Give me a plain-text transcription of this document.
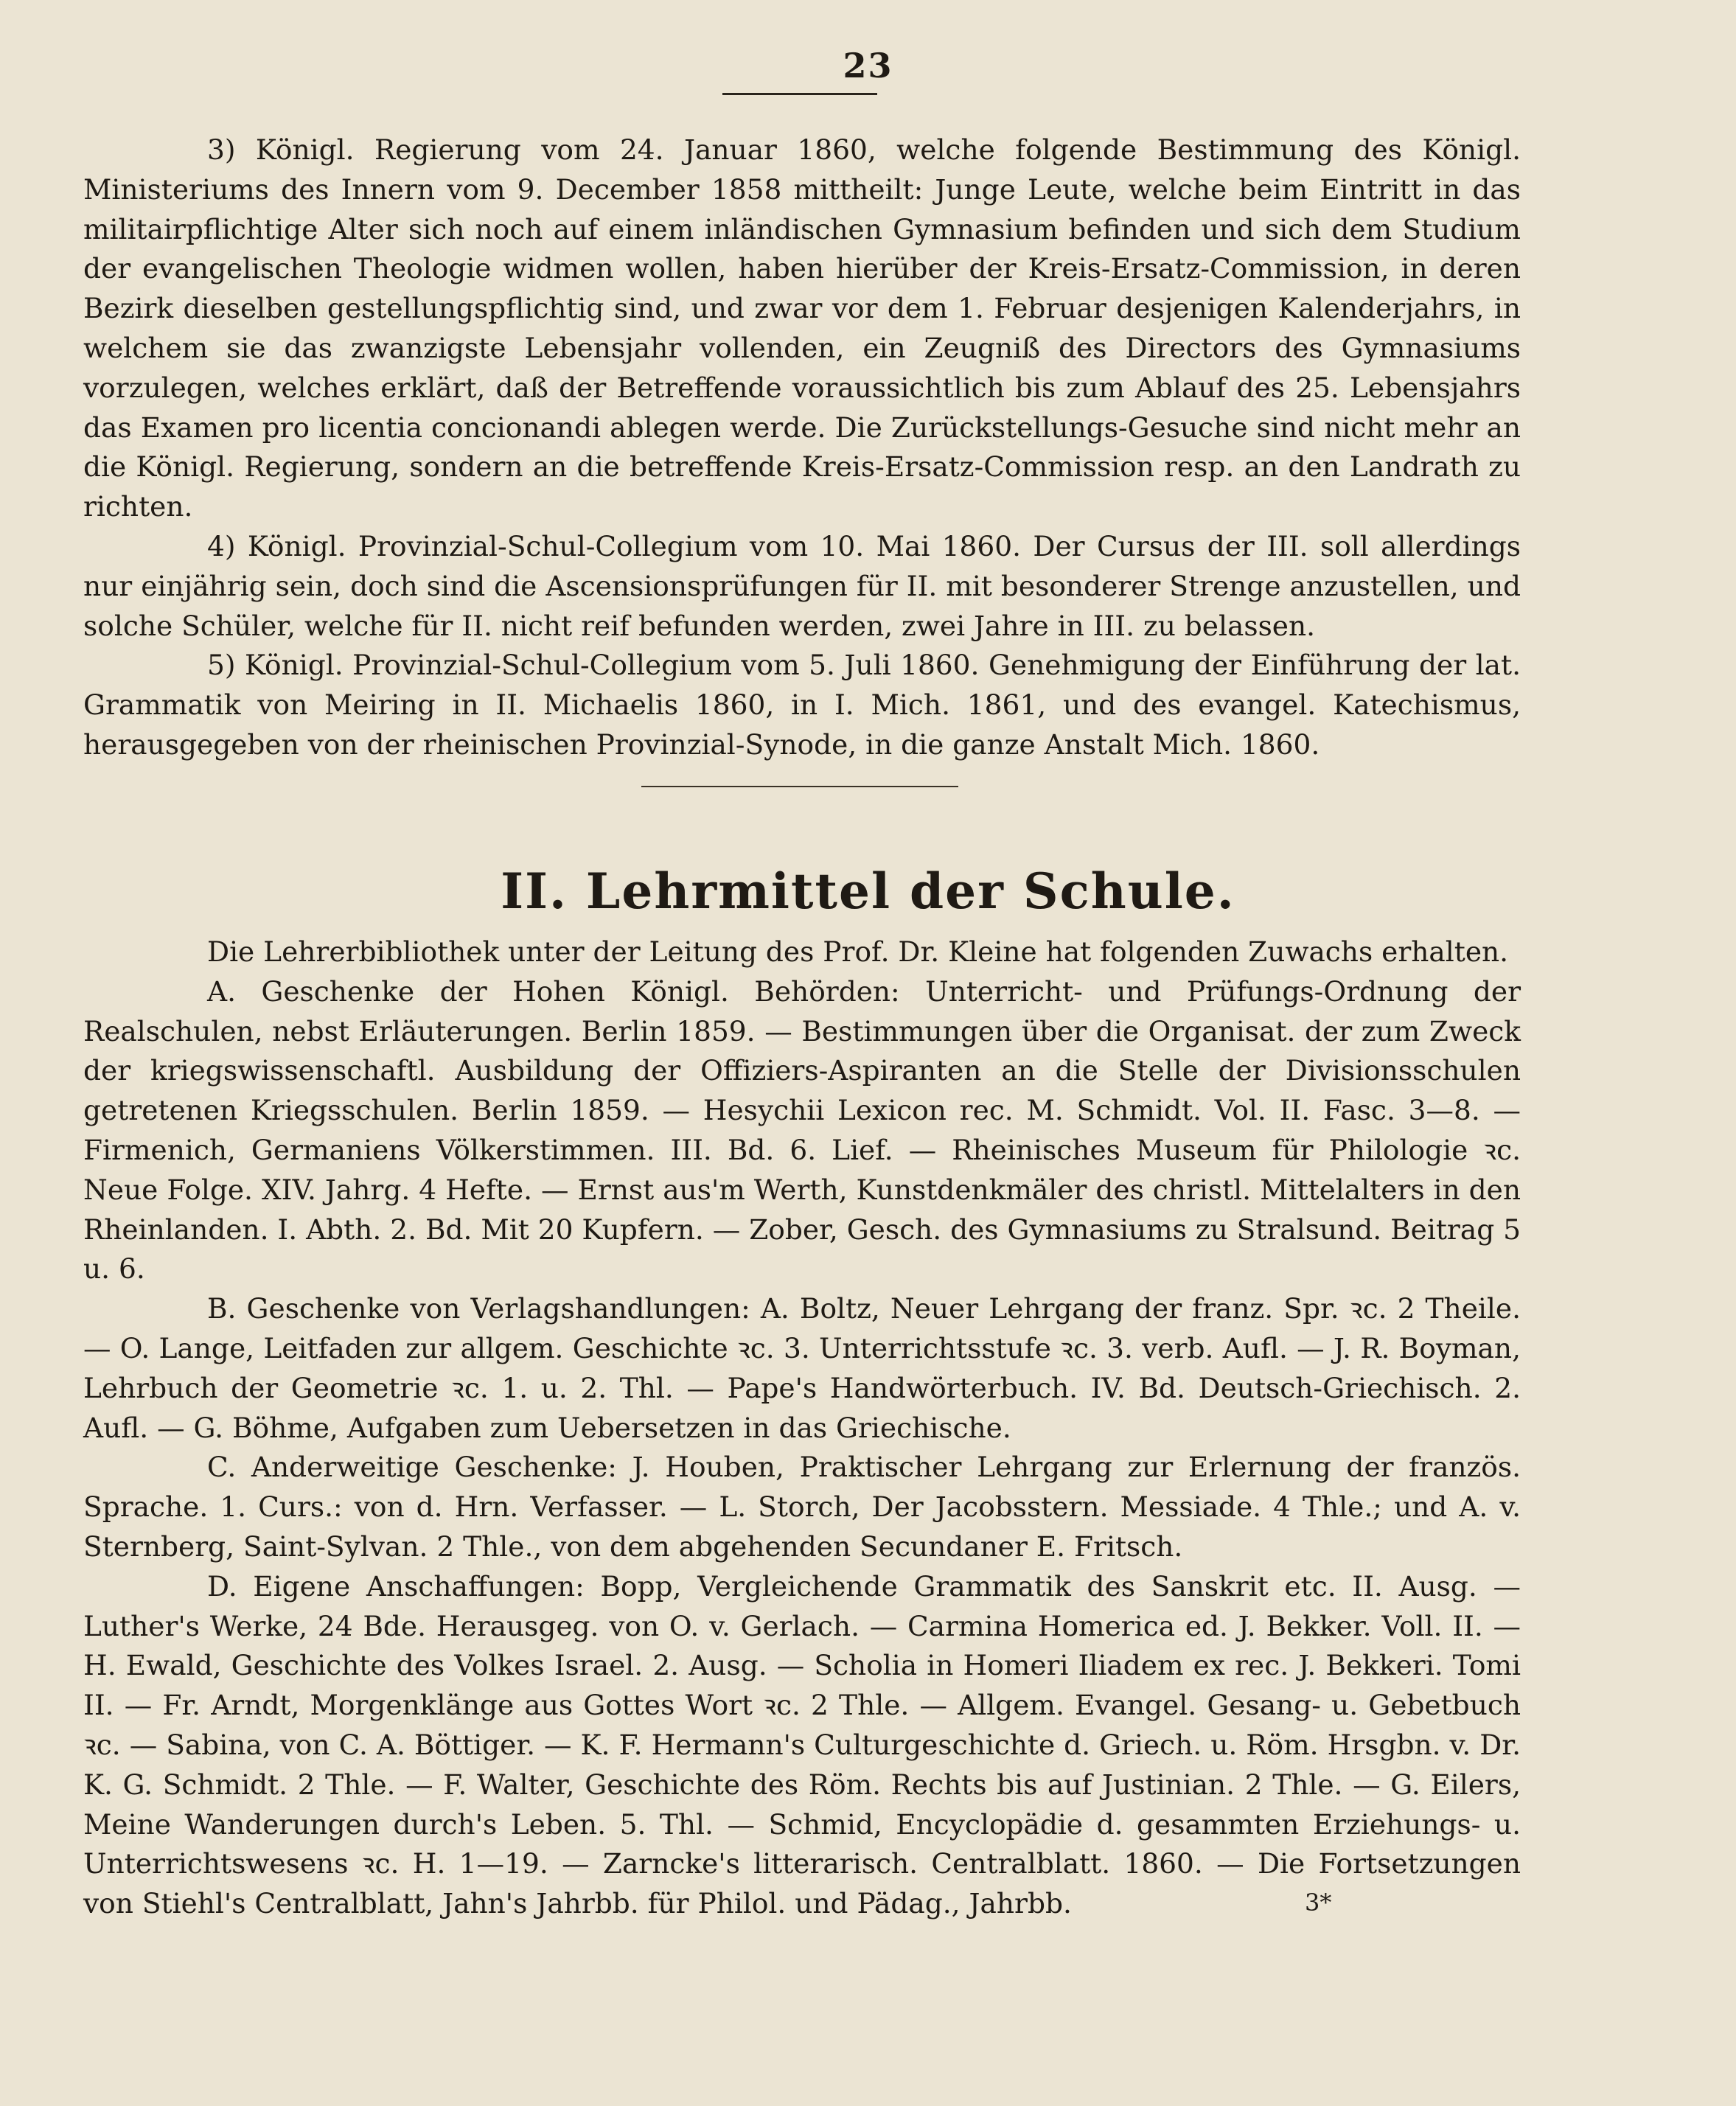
23

3) Königl. Regierung vom 24. Januar 1860, welche folgende Bestimmung des Königl. Ministeriums des Innern vom 9. December 1858 mittheilt: Junge Leute, welche beim Eintritt in das militairpflichtige Alter sich noch auf einem inländischen Gymnasium befinden und sich dem Studium der evangelischen Theologie widmen wollen, haben hierüber der Kreis-Ersatz-Commission, in deren Bezirk dieselben gestellungspflichtig sind, und zwar vor dem 1. Februar desjenigen Kalenderjahrs, in welchem sie das zwanzigste Lebensjahr vollenden, ein Zeugniß des Directors des Gymnasiums vorzulegen, welches erklärt, daß der Betreffende voraussichtlich bis zum Ablauf des 25. Lebensjahrs das Examen pro licentia concionandi ablegen werde. Die Zurückstellungs-Gesuche sind nicht mehr an die Königl. Regierung, sondern an die betreffende Kreis-Ersatz-Commission resp. an den Landrath zu richten.

4) Königl. Provinzial-Schul-Collegium vom 10. Mai 1860. Der Cursus der III. soll allerdings nur einjährig sein, doch sind die Ascensionsprüfungen für II. mit besonderer Strenge anzustellen, und solche Schüler, welche für II. nicht reif befunden werden, zwei Jahre in III. zu belassen.

5) Königl. Provinzial-Schul-Collegium vom 5. Juli 1860. Genehmigung der Einführung der lat. Grammatik von Meiring in II. Michaelis 1860, in I. Mich. 1861, und des evangel. Katechismus, herausgegeben von der rheinischen Provinzial-Synode, in die ganze Anstalt Mich. 1860.

II. Lehrmittel der Schule.

Die Lehrerbibliothek unter der Leitung des Prof. Dr. Kleine hat folgenden Zuwachs erhalten.

A. Geschenke der Hohen Königl. Behörden: Unterricht- und Prüfungs-Ordnung der Realschulen, nebst Erläuterungen. Berlin 1859. — Bestimmungen über die Organisat. der zum Zweck der kriegswissenschaftl. Ausbildung der Offiziers-Aspiranten an die Stelle der Divisionsschulen getretenen Kriegsschulen. Berlin 1859. — Hesychii Lexicon rec. M. Schmidt. Vol. II. Fasc. 3—8. — Firmenich, Germaniens Völkerstimmen. III. Bd. 6. Lief. — Rheinisches Museum für Philologie ꝛc. Neue Folge. XIV. Jahrg. 4 Hefte. — Ernst aus'm Werth, Kunstdenkmäler des christl. Mittelalters in den Rheinlanden. I. Abth. 2. Bd. Mit 20 Kupfern. — Zober, Gesch. des Gymnasiums zu Stralsund. Beitrag 5 u. 6.

B. Geschenke von Verlagshandlungen: A. Boltz, Neuer Lehrgang der franz. Spr. ꝛc. 2 Theile. — O. Lange, Leitfaden zur allgem. Geschichte ꝛc. 3. Unterrichtsstufe ꝛc. 3. verb. Aufl. — J. R. Boyman, Lehrbuch der Geometrie ꝛc. 1. u. 2. Thl. — Pape's Handwörterbuch. IV. Bd. Deutsch-Griechisch. 2. Aufl. — G. Böhme, Aufgaben zum Uebersetzen in das Griechische.

C. Anderweitige Geschenke: J. Houben, Praktischer Lehrgang zur Erlernung der französ. Sprache. 1. Curs.: von d. Hrn. Verfasser. — L. Storch, Der Jacobsstern. Messiade. 4 Thle.; und A. v. Sternberg, Saint-Sylvan. 2 Thle., von dem abgehenden Secundaner E. Fritsch.

D. Eigene Anschaffungen: Bopp, Vergleichende Grammatik des Sanskrit etc. II. Ausg. — Luther's Werke, 24 Bde. Herausgeg. von O. v. Gerlach. — Carmina Homerica ed. J. Bekker. Voll. II. — H. Ewald, Geschichte des Volkes Israel. 2. Ausg. — Scholia in Homeri Iliadem ex rec. J. Bekkeri. Tomi II. — Fr. Arndt, Morgenklänge aus Gottes Wort ꝛc. 2 Thle. — Allgem. Evangel. Gesang- u. Gebetbuch ꝛc. — Sabina, von C. A. Böttiger. — K. F. Hermann's Culturgeschichte d. Griech. u. Röm. Hrsgbn. v. Dr. K. G. Schmidt. 2 Thle. — F. Walter, Geschichte des Röm. Rechts bis auf Justinian. 2 Thle. — G. Eilers, Meine Wanderungen durch's Leben. 5. Thl. — Schmid, Encyclopädie d. gesammten Erziehungs- u. Unterrichtswesens ꝛc. H. 1—19. — Zarncke's litterarisch. Centralblatt. 1860. — Die Fortsetzungen von Stiehl's Centralblatt, Jahn's Jahrbb. für Philol. und Pädag., Jahrbb.	3*
